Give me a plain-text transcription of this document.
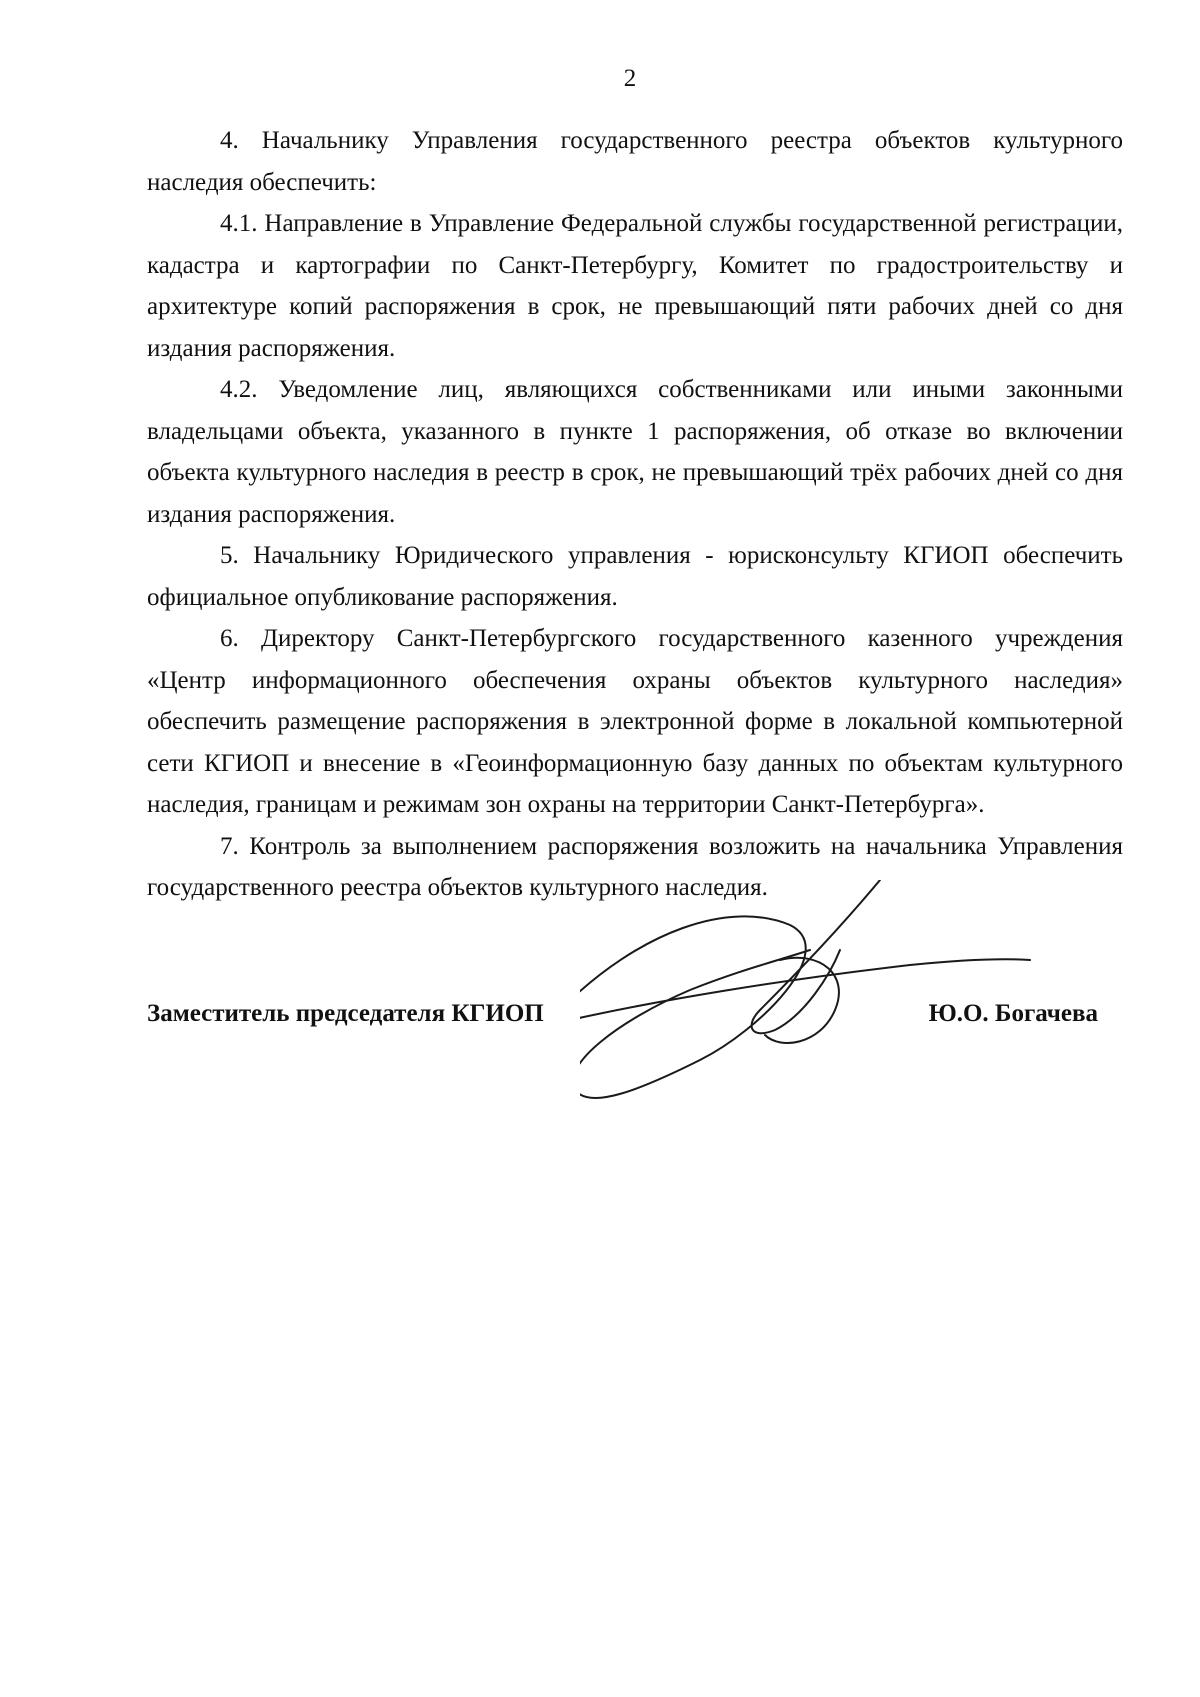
2

4. Начальнику Управления государственного реестра объектов культурного наследия обеспечить:

4.1. Направление в Управление Федеральной службы государственной регистрации, кадастра и картографии по Санкт-Петербургу, Комитет по градостроительству и архитектуре копий распоряжения в срок, не превышающий пяти рабочих дней со дня издания распоряжения.

4.2. Уведомление лиц, являющихся собственниками или иными законными владельцами объекта, указанного в пункте 1 распоряжения, об отказе во включении объекта культурного наследия в реестр в срок, не превышающий трёх рабочих дней со дня издания распоряжения.

5. Начальнику Юридического управления - юрисконсульту КГИОП обеспечить официальное опубликование распоряжения.

6. Директору Санкт-Петербургского государственного казенного учреждения «Центр информационного обеспечения охраны объектов культурного наследия» обеспечить размещение распоряжения в электронной форме в локальной компьютерной сети КГИОП и внесение в «Геоинформационную базу данных по объектам культурного наследия, границам и режимам зон охраны на территории Санкт-Петербурга».

7. Контроль за выполнением распоряжения возложить на начальника Управления государственного реестра объектов культурного наследия.

Заместитель председателя КГИОП	Ю.О. Богачева
